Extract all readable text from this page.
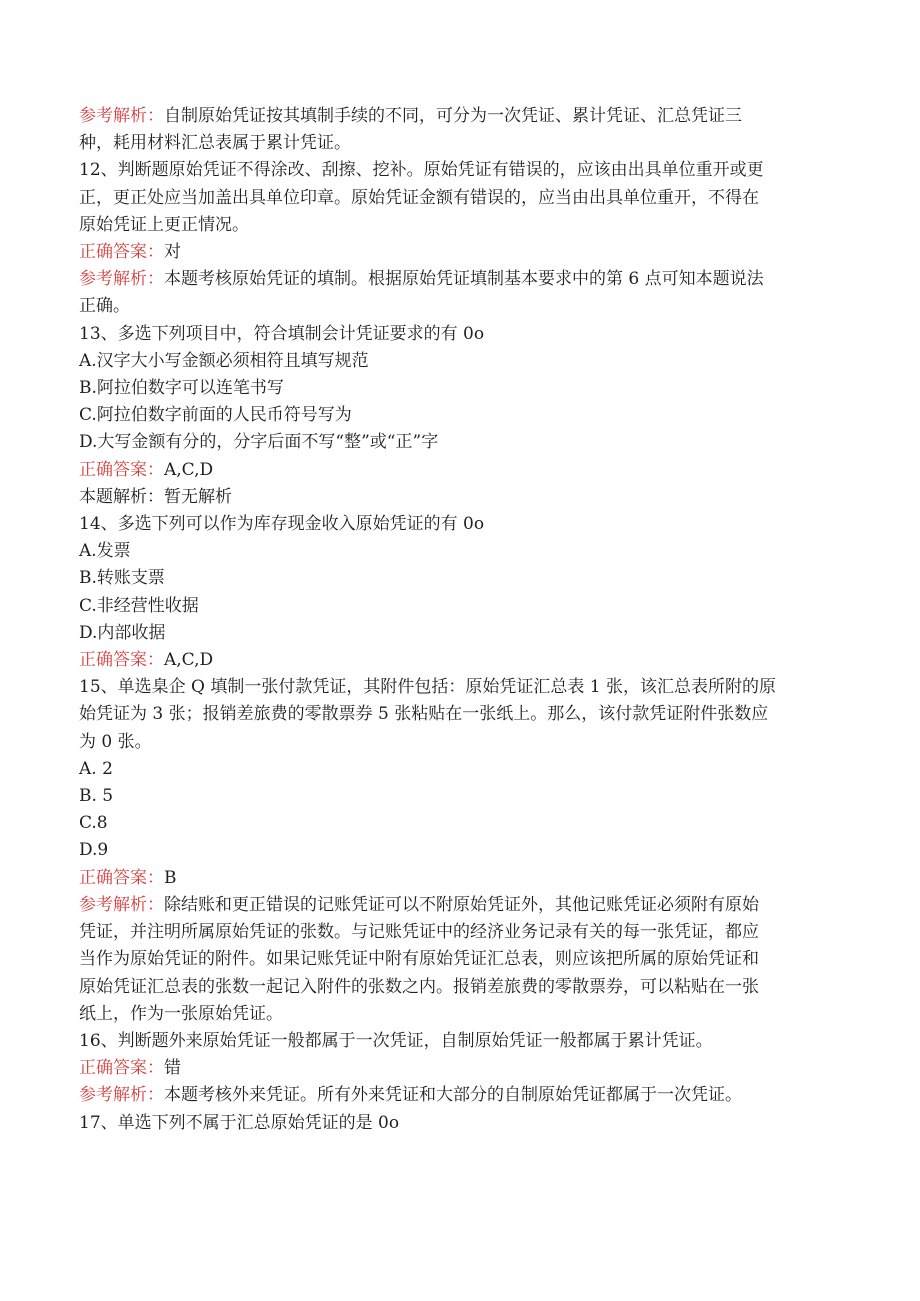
参考解析：自制原始凭证按其填制手续的不同，可分为一次凭证、累计凭证、汇总凭证三
种，耗用材料汇总表属于累计凭证。
12、判断题原始凭证不得涂改、刮擦、挖补。原始凭证有错误的，应该由出具单位重开或更
正，更正处应当加盖出具单位印章。原始凭证金额有错误的，应当由出具单位重开，不得在
原始凭证上更正情况。
正确答案：对
参考解析：本题考核原始凭证的填制。根据原始凭证填制基本要求中的第 6 点可知本题说法
正确。
13、多选下列项目中，符合填制会计凭证要求的有 0o
A.汉字大小写金额必须相符且填写规范
B.阿拉伯数字可以连笔书写
C.阿拉伯数字前面的人民币符号写为
D.大写金额有分的，分字后面不写“整”或“正”字
正确答案：A,C,D
本题解析：暂无解析
14、多选下列可以作为库存现金收入原始凭证的有 0o
A.发票
B.转账支票
C.非经营性收据
D.内部收据
正确答案：A,C,D
15、单选臬企 Q 填制一张付款凭证，其附件包括：原始凭证汇总表 1 张，该汇总表所附的原
始凭证为 3 张；报销差旅费的零散票券 5 张粘贴在一张纸上。那么，该付款凭证附件张数应
为 0 张。
A. 2
B. 5
C.8
D.9
正确答案：B
参考解析：除结账和更正错误的记账凭证可以不附原始凭证外，其他记账凭证必须附有原始
凭证，并注明所属原始凭证的张数。与记账凭证中的经济业务记录有关的每一张凭证，都应
当作为原始凭证的附件。如果记账凭证中附有原始凭证汇总表，则应该把所属的原始凭证和
原始凭证汇总表的张数一起记入附件的张数之内。报销差旅费的零散票券，可以粘贴在一张
纸上，作为一张原始凭证。
16、判断题外来原始凭证一般都属于一次凭证，自制原始凭证一般都属于累计凭证。
正确答案：错
参考解析：本题考核外来凭证。所有外来凭证和大部分的自制原始凭证都属于一次凭证。
17、单选下列不属于汇总原始凭证的是 0o
